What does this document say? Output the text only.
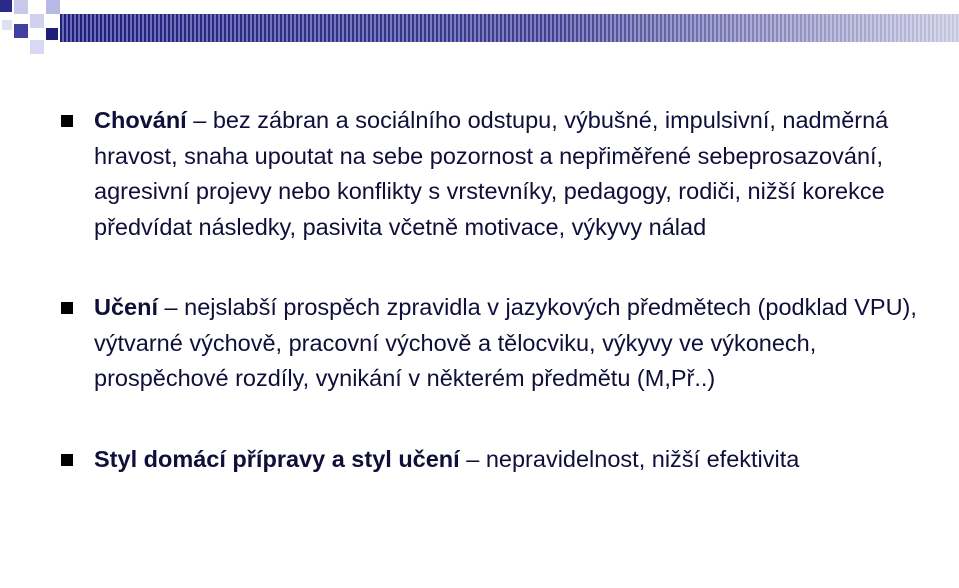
Chování – bez zábran a sociálního odstupu, výbušné, impulsivní, nadměrná hravost, snaha upoutat na sebe pozornost a nepřiměřené sebeprosazování, agresivní projevy nebo konflikty s vrstevníky, pedagogy, rodiči, nižší korekce předvídat následky, pasivita včetně motivace, výkyvy nálad
Učení – nejslabší prospěch zpravidla v jazykových předmětech (podklad VPU), výtvarné výchově, pracovní výchově a tělocviku, výkyvy ve výkonech, prospěchové rozdíly, vynikání v některém předmětu (M,Př..)
Styl domácí přípravy a styl učení – nepravidelnost, nižší efektivita
